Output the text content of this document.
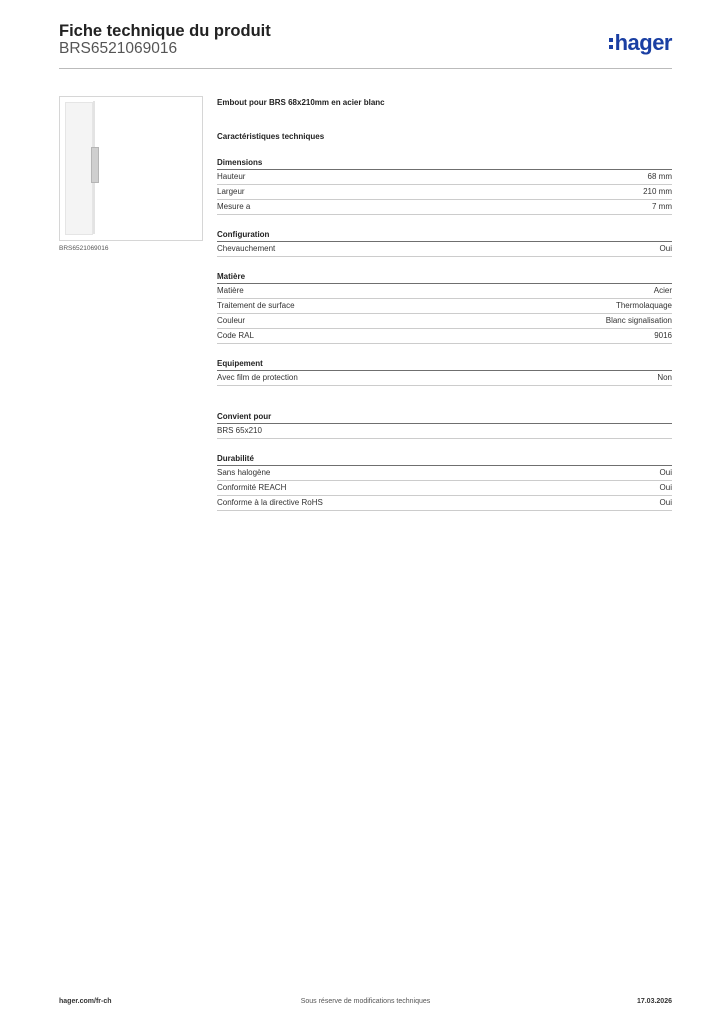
Fiche technique du produit
BRS6521069016	hager
BRS6521069016
Embout pour BRS 68x210mm en acier blanc
Caractéristiques techniques
Dimensions
Hauteur	68 mm
Largeur	210 mm
Mesure a	7 mm
Configuration
Chevauchement	Oui
Matière
Matière	Acier
Traitement de surface	Thermolaquage
Couleur	Blanc signalisation
Code RAL	9016
Equipement
Avec film de protection	Non
Convient pour
BRS 65x210
Durabilité
Sans halogène	Oui
Conformité REACH	Oui
Conforme à la directive RoHS	Oui
hager.com/fr-ch	Sous réserve de modifications techniques	17.03.2026
